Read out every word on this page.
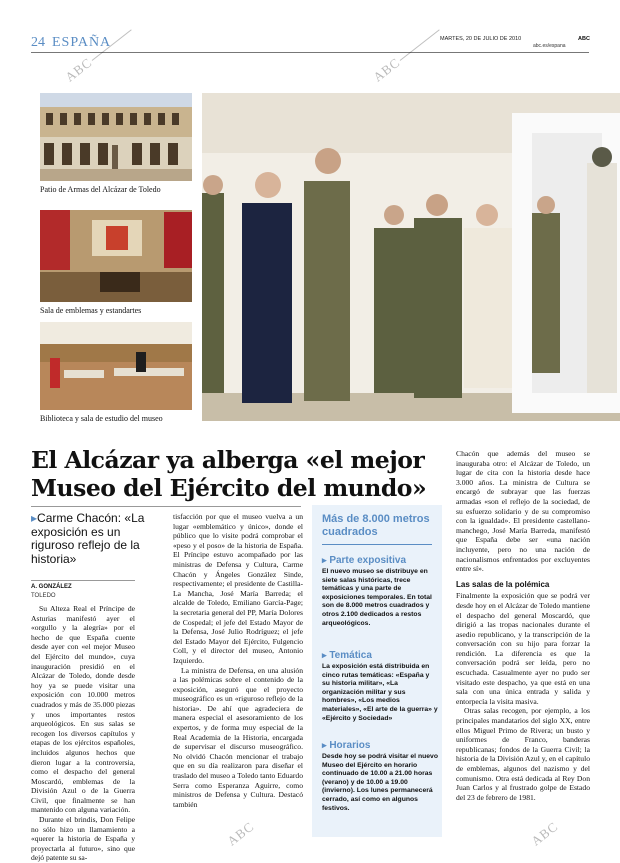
24 ESPAÑA	MARTES, 20 DE JULIO DE 2010	ABC
abc.es/espana
Patio de Armas del Alcázar de Toledo
Sala de emblemas y estandartes
Biblioteca y sala de estudio del museo
El Alcázar ya alberga «el mejor Museo del Ejército del mundo»
▸Carme Chacón: «La exposición es un riguroso reflejo de la historia»
A. GONZÁLEZ
TOLEDO

Su Alteza Real el Príncipe de Asturias manifestó ayer el «orgullo y la alegría» por el hecho de que España cuente desde ayer con «el mejor Museo del Ejército del mundo», cuya inauguración presidió en el Alcázar de Toledo, donde desde hoy ya se puede visitar una exposición con 10.000 metros cuadrados y más de 35.000 piezas y unos importantes restos arqueológicos. En sus salas se recogen los diversos capítulos y etapas de los ejércitos españoles, incluidos algunos hechos que dieron lugar a la controversia, como el despacho del general Moscardó, emblemas de la División Azul o de la Guerra Civil, que finalmente se han mantenido con alguna variación.

Durante el brindis, Don Felipe no sólo hizo un llamamiento a «querer la historia de España y proyectarla al futuro», sino que dejó patente su sa-

tisfacción por que el museo vuelva a un lugar «emblemático y único», donde el público que lo visite podrá comprobar el «peso y el poso» de la historia de España. El Príncipe estuvo acompañado por las ministras de Defensa y Cultura, Carme Chacón y Ángeles González Sinde, respectivamente; el presidente de Castilla-La Mancha, José María Barreda; el alcalde de Toledo, Emiliano García-Page; la secretaria general del PP, María Dolores de Cospedal; el jefe del Estado Mayor de la Defensa, José Julio Rodríguez; el jefe del Estado Mayor del Ejército, Fulgencio Coll, y el director del museo, Antonio Izquierdo.

La ministra de Defensa, en una alusión a las polémicas sobre el contenido de la exposición, aseguró que el proyecto museográfico es un «riguroso reflejo de la historia». De ahí que agradeciera de manera especial el asesoramiento de los expertos, y de forma muy especial de la Real Academia de la Historia, encargada de supervisar el discurso museográfico. No olvidó Chacón mencionar el trabajo que en su día realizaron para diseñar el traslado del museo a Toledo tanto Eduardo Serra como Esperanza Aguirre, como ministros de Defensa y Cultura. Destacó también

Más de 8.000 metros cuadrados
▸ Parte expositiva
El nuevo museo se distribuye en siete salas históricas, trece temáticas y una parte de exposiciones temporales. En total son de 8.000 metros cuadrados y otros 2.100 dedicados a restos arqueológicos.
▸ Temática
La exposición está distribuida en cinco rutas temáticas: «España y su historia militar», «La organización militar y sus hombres», «Los medios materiales», «El arte de la guerra» y «Ejército y Sociedad»
▸ Horarios
Desde hoy se podrá visitar el nuevo Museo del Ejército en horario continuado de 10.00 a 21.00 horas (verano) y de 10.00 a 19.00 (invierno). Los lunes permanecerá cerrado, así como en algunos festivos.

Chacón que además del museo se inauguraba otro: el Alcázar de Toledo, un lugar de cita con la historia desde hace 3.000 años. La ministra de Cultura se encargó de subrayar que las fuerzas armadas «son el reflejo de la sociedad, de su esfuerzo solidario y de su compromiso con la igualdad». El presidente castellano-manchego, José María Barreda, manifestó que España debe ser «una nación incluyente, pero no una nación de nacionalismos enfrentados por excluyentes entre sí».

Las salas de la polémica

Finalmente la exposición que se podrá ver desde hoy en el Alcázar de Toledo mantiene el despacho del general Moscardó, que dirigió a las tropas nacionales durante el asedio republicano, y la transcripción de la conversación con su hijo para forzar la rendición. La diferencia es que la conversación podrá ser leída, pero no escuchada. Casualmente ayer no pudo ser visitado este despacho, ya que está en una sala con una única entrada y salida y entorpecía la visita masiva.

Otras salas recogen, por ejemplo, a los principales mandatarios del siglo XX, entre ellos Miguel Primo de Rivera; un busto y uniformes de Franco, banderas republicanas; fondos de la Guerra Civil; la historia de la División Azul y, en el capítulo de emblemas, algunos del nazismo y del comunismo. Otra está dedicada al Rey Don Juan Carlos y al frustrado golpe de Estado del 23 de febrero de 1981.

ABC	ABC
ABC	ABC
